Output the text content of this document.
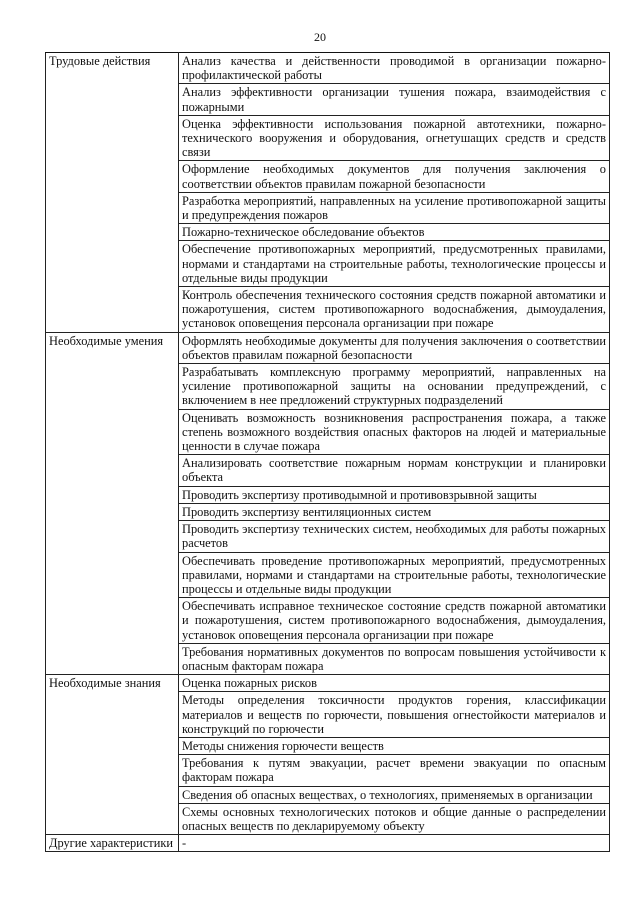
20
Трудовые действия	Анализ качества и действенности проводимой в организации пожарно-профилактической работы
	Анализ эффективности организации тушения пожара, взаимодействия с пожарными
	Оценка эффективности использования пожарной автотехники, пожарно-технического вооружения и оборудования, огнетушащих средств и средств связи
	Оформление необходимых документов для получения заключения о соответствии объектов правилам пожарной безопасности
	Разработка мероприятий, направленных на усиление противопожарной защиты и предупреждения пожаров
	Пожарно-техническое обследование объектов
	Обеспечение противопожарных мероприятий, предусмотренных правилами, нормами и стандартами на строительные работы, технологические процессы и отдельные виды продукции
	Контроль обеспечения технического состояния средств пожарной автоматики и пожаротушения, систем противопожарного водоснабжения, дымоудаления, установок оповещения персонала организации при пожаре
Необходимые умения	Оформлять необходимые документы для получения заключения о соответствии объектов правилам пожарной безопасности
	Разрабатывать комплексную программу мероприятий, направленных на усиление противопожарной защиты на основании предупреждений, с включением в нее предложений структурных подразделений
	Оценивать возможность возникновения распространения пожара, а также степень возможного воздействия опасных факторов на людей и материальные ценности в случае пожара
	Анализировать соответствие пожарным нормам конструкции и планировки объекта
	Проводить экспертизу противодымной и противовзрывной защиты
	Проводить экспертизу вентиляционных систем
	Проводить экспертизу технических систем, необходимых для работы пожарных расчетов
	Обеспечивать проведение противопожарных мероприятий, предусмотренных правилами, нормами и стандартами на строительные работы, технологические процессы и отдельные виды продукции
	Обеспечивать исправное техническое состояние средств пожарной автоматики и пожаротушения, систем противопожарного водоснабжения, дымоудаления, установок оповещения персонала организации при пожаре
	Требования нормативных документов по вопросам повышения устойчивости к опасным факторам пожара
Необходимые знания	Оценка пожарных рисков
	Методы определения токсичности продуктов горения, классификации материалов и веществ по горючести, повышения огнестойкости материалов и конструкций по горючести
	Методы снижения горючести веществ
	Требования к путям эвакуации, расчет времени эвакуации по опасным факторам пожара
	Сведения об опасных веществах, о технологиях, применяемых в организации
	Схемы основных технологических потоков и общие данные о распределении опасных веществ по декларируемому объекту
Другие характеристики	-
